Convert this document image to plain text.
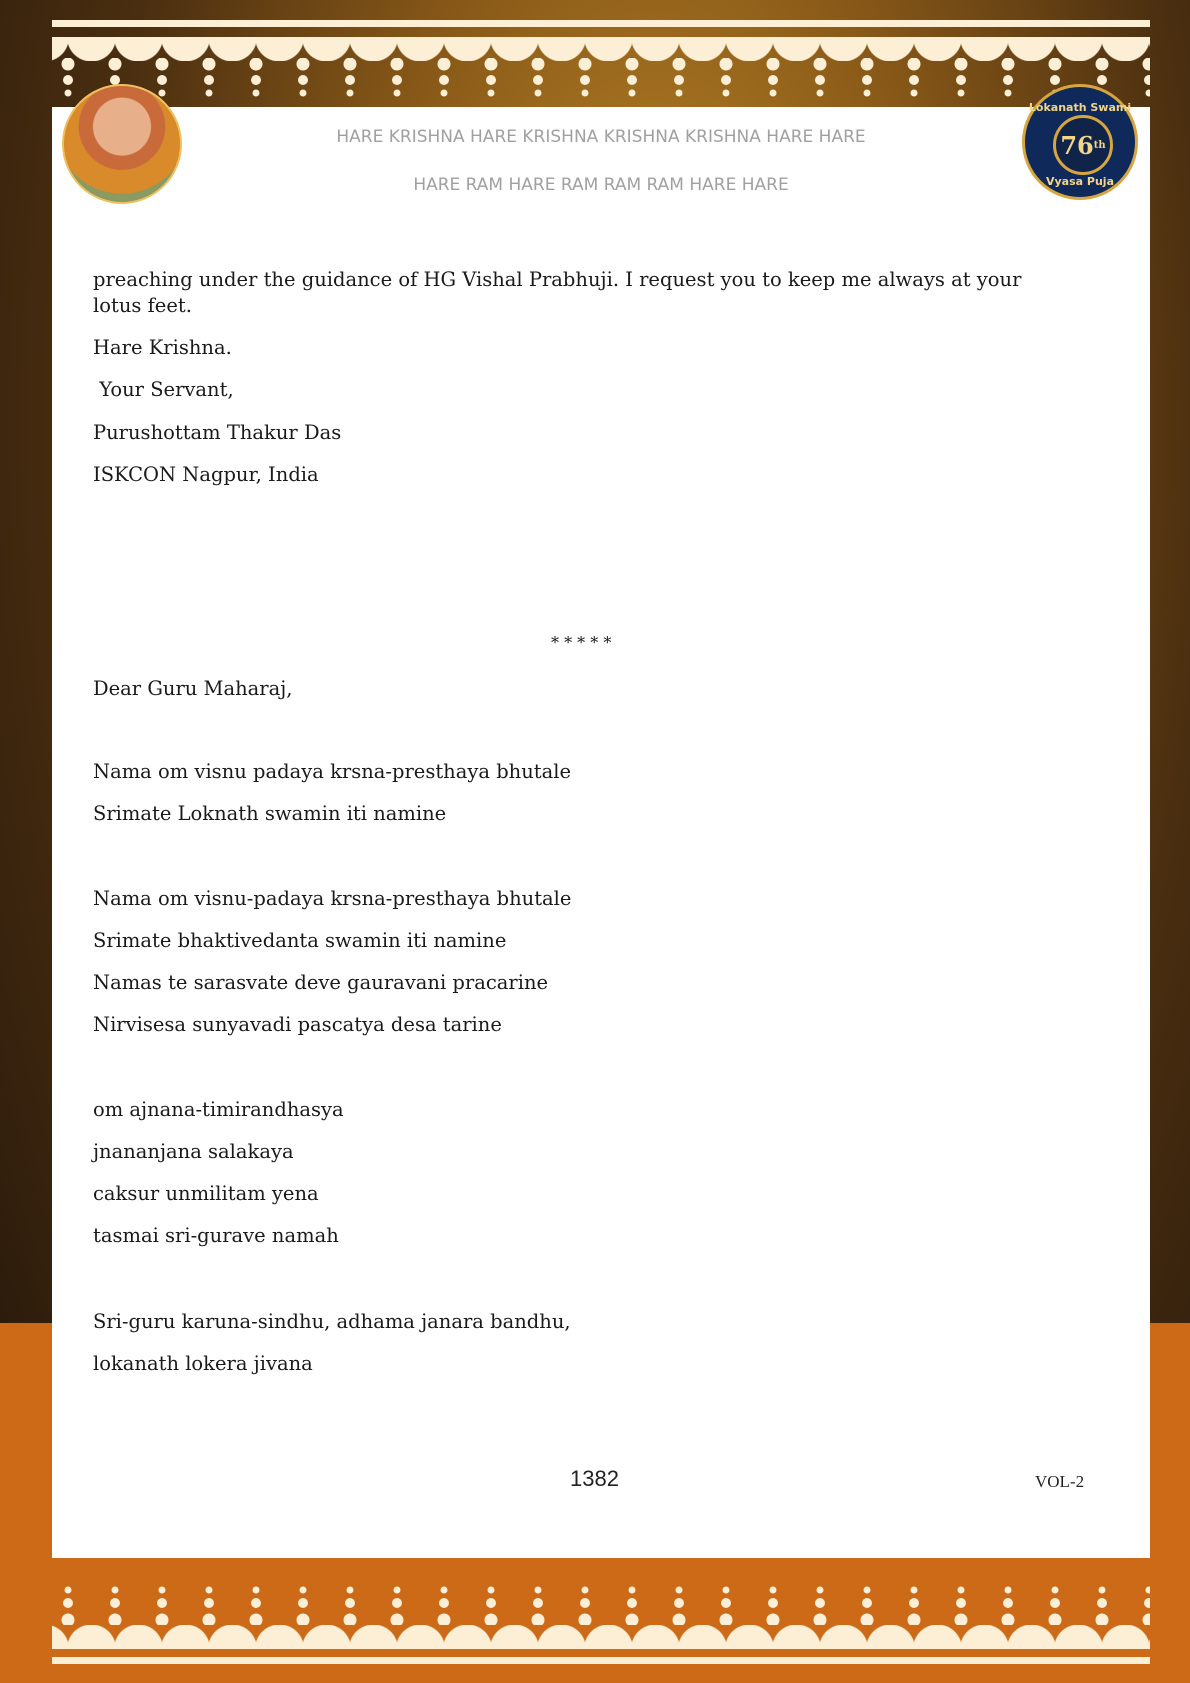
Lokanath Swami
76 th
Vyasa Puja
HARE KRISHNA HARE KRISHNA KRISHNA KRISHNA HARE HARE
HARE RAM HARE RAM RAM RAM HARE HARE
preaching under the guidance of HG Vishal Prabhuji. I request you to keep me always at your
lotus feet.
Hare Krishna.
Your Servant,
Purushottam Thakur Das
ISKCON Nagpur, India
* * * * *
Dear Guru Maharaj,
Nama om visnu padaya krsna-presthaya bhutale
Srimate Loknath swamin iti namine
Nama om visnu-padaya krsna-presthaya bhutale
Srimate bhaktivedanta swamin iti namine
Namas te sarasvate deve gauravani pracarine
Nirvisesa sunyavadi pascatya desa tarine
om ajnana-timirandhasya
jnananjana salakaya
caksur unmilitam yena
tasmai sri-gurave namah
Sri-guru karuna-sindhu, adhama janara bandhu,
lokanath lokera jivana
1382	VOL-2
